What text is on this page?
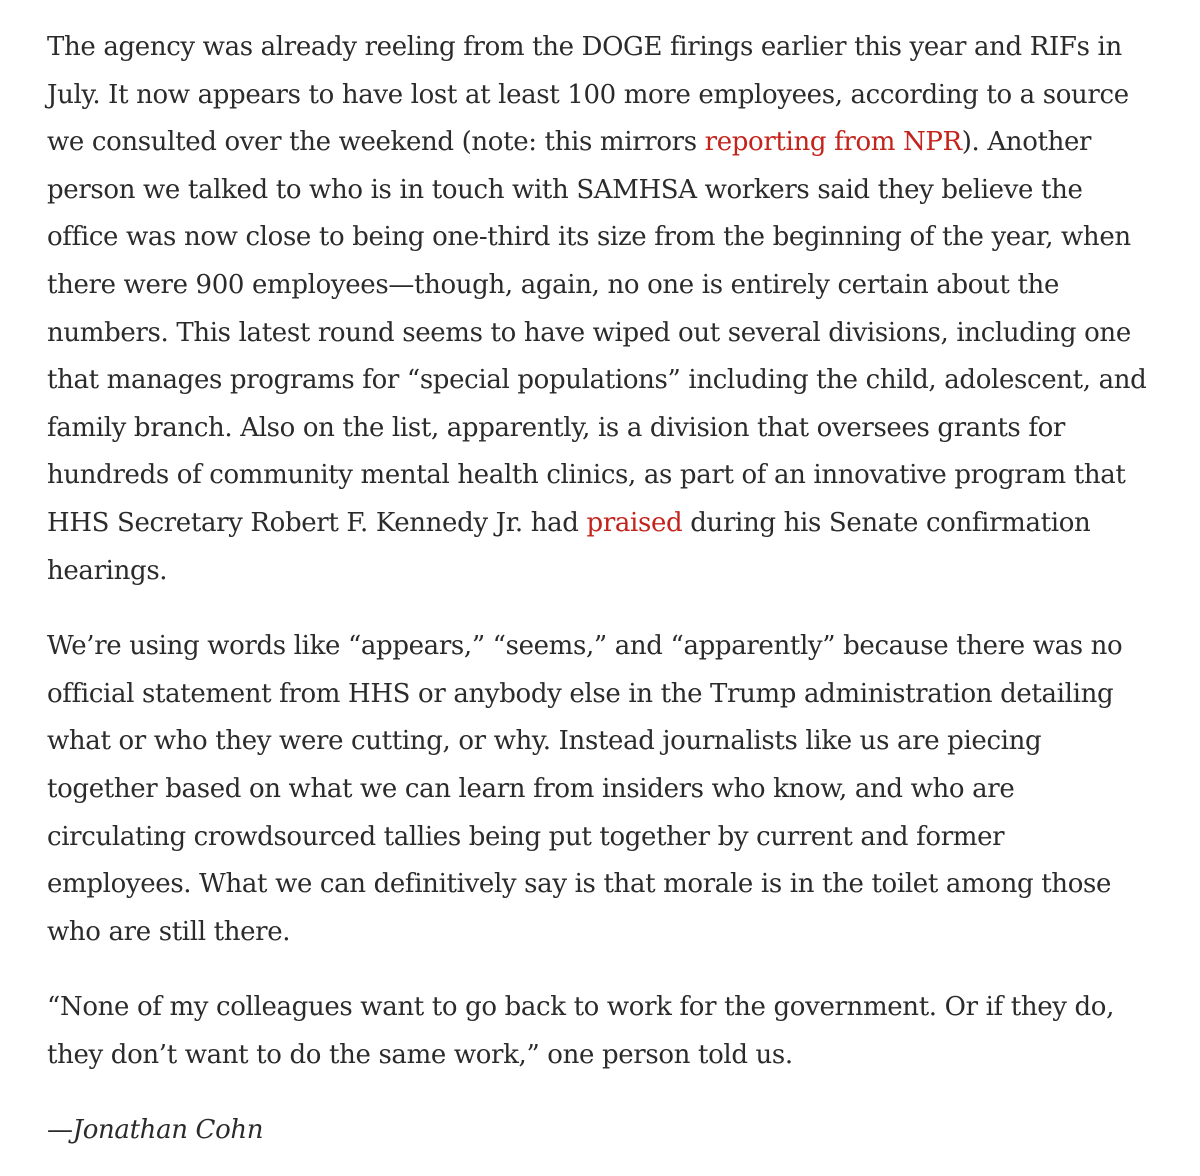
The agency was already reeling from the DOGE firings earlier this year and RIFs in July. It now appears to have lost at least 100 more employees, according to a source we consulted over the weekend (note: this mirrors reporting from NPR). Another person we talked to who is in touch with SAMHSA workers said they believe the office was now close to being one-third its size from the beginning of the year, when there were 900 employees—though, again, no one is entirely certain about the numbers. This latest round seems to have wiped out several divisions, including one that manages programs for “special populations” including the child, adolescent, and family branch. Also on the list, apparently, is a division that oversees grants for hundreds of community mental health clinics, as part of an innovative program that HHS Secretary Robert F. Kennedy Jr. had praised during his Senate confirmation hearings.

We’re using words like “appears,” “seems,” and “apparently” because there was no official statement from HHS or anybody else in the Trump administration detailing what or who they were cutting, or why. Instead journalists like us are piecing together based on what we can learn from insiders who know, and who are circulating crowdsourced tallies being put together by current and former employees. What we can definitively say is that morale is in the toilet among those who are still there.

“None of my colleagues want to go back to work for the government. Or if they do, they don’t want to do the same work,” one person told us.

—Jonathan Cohn
